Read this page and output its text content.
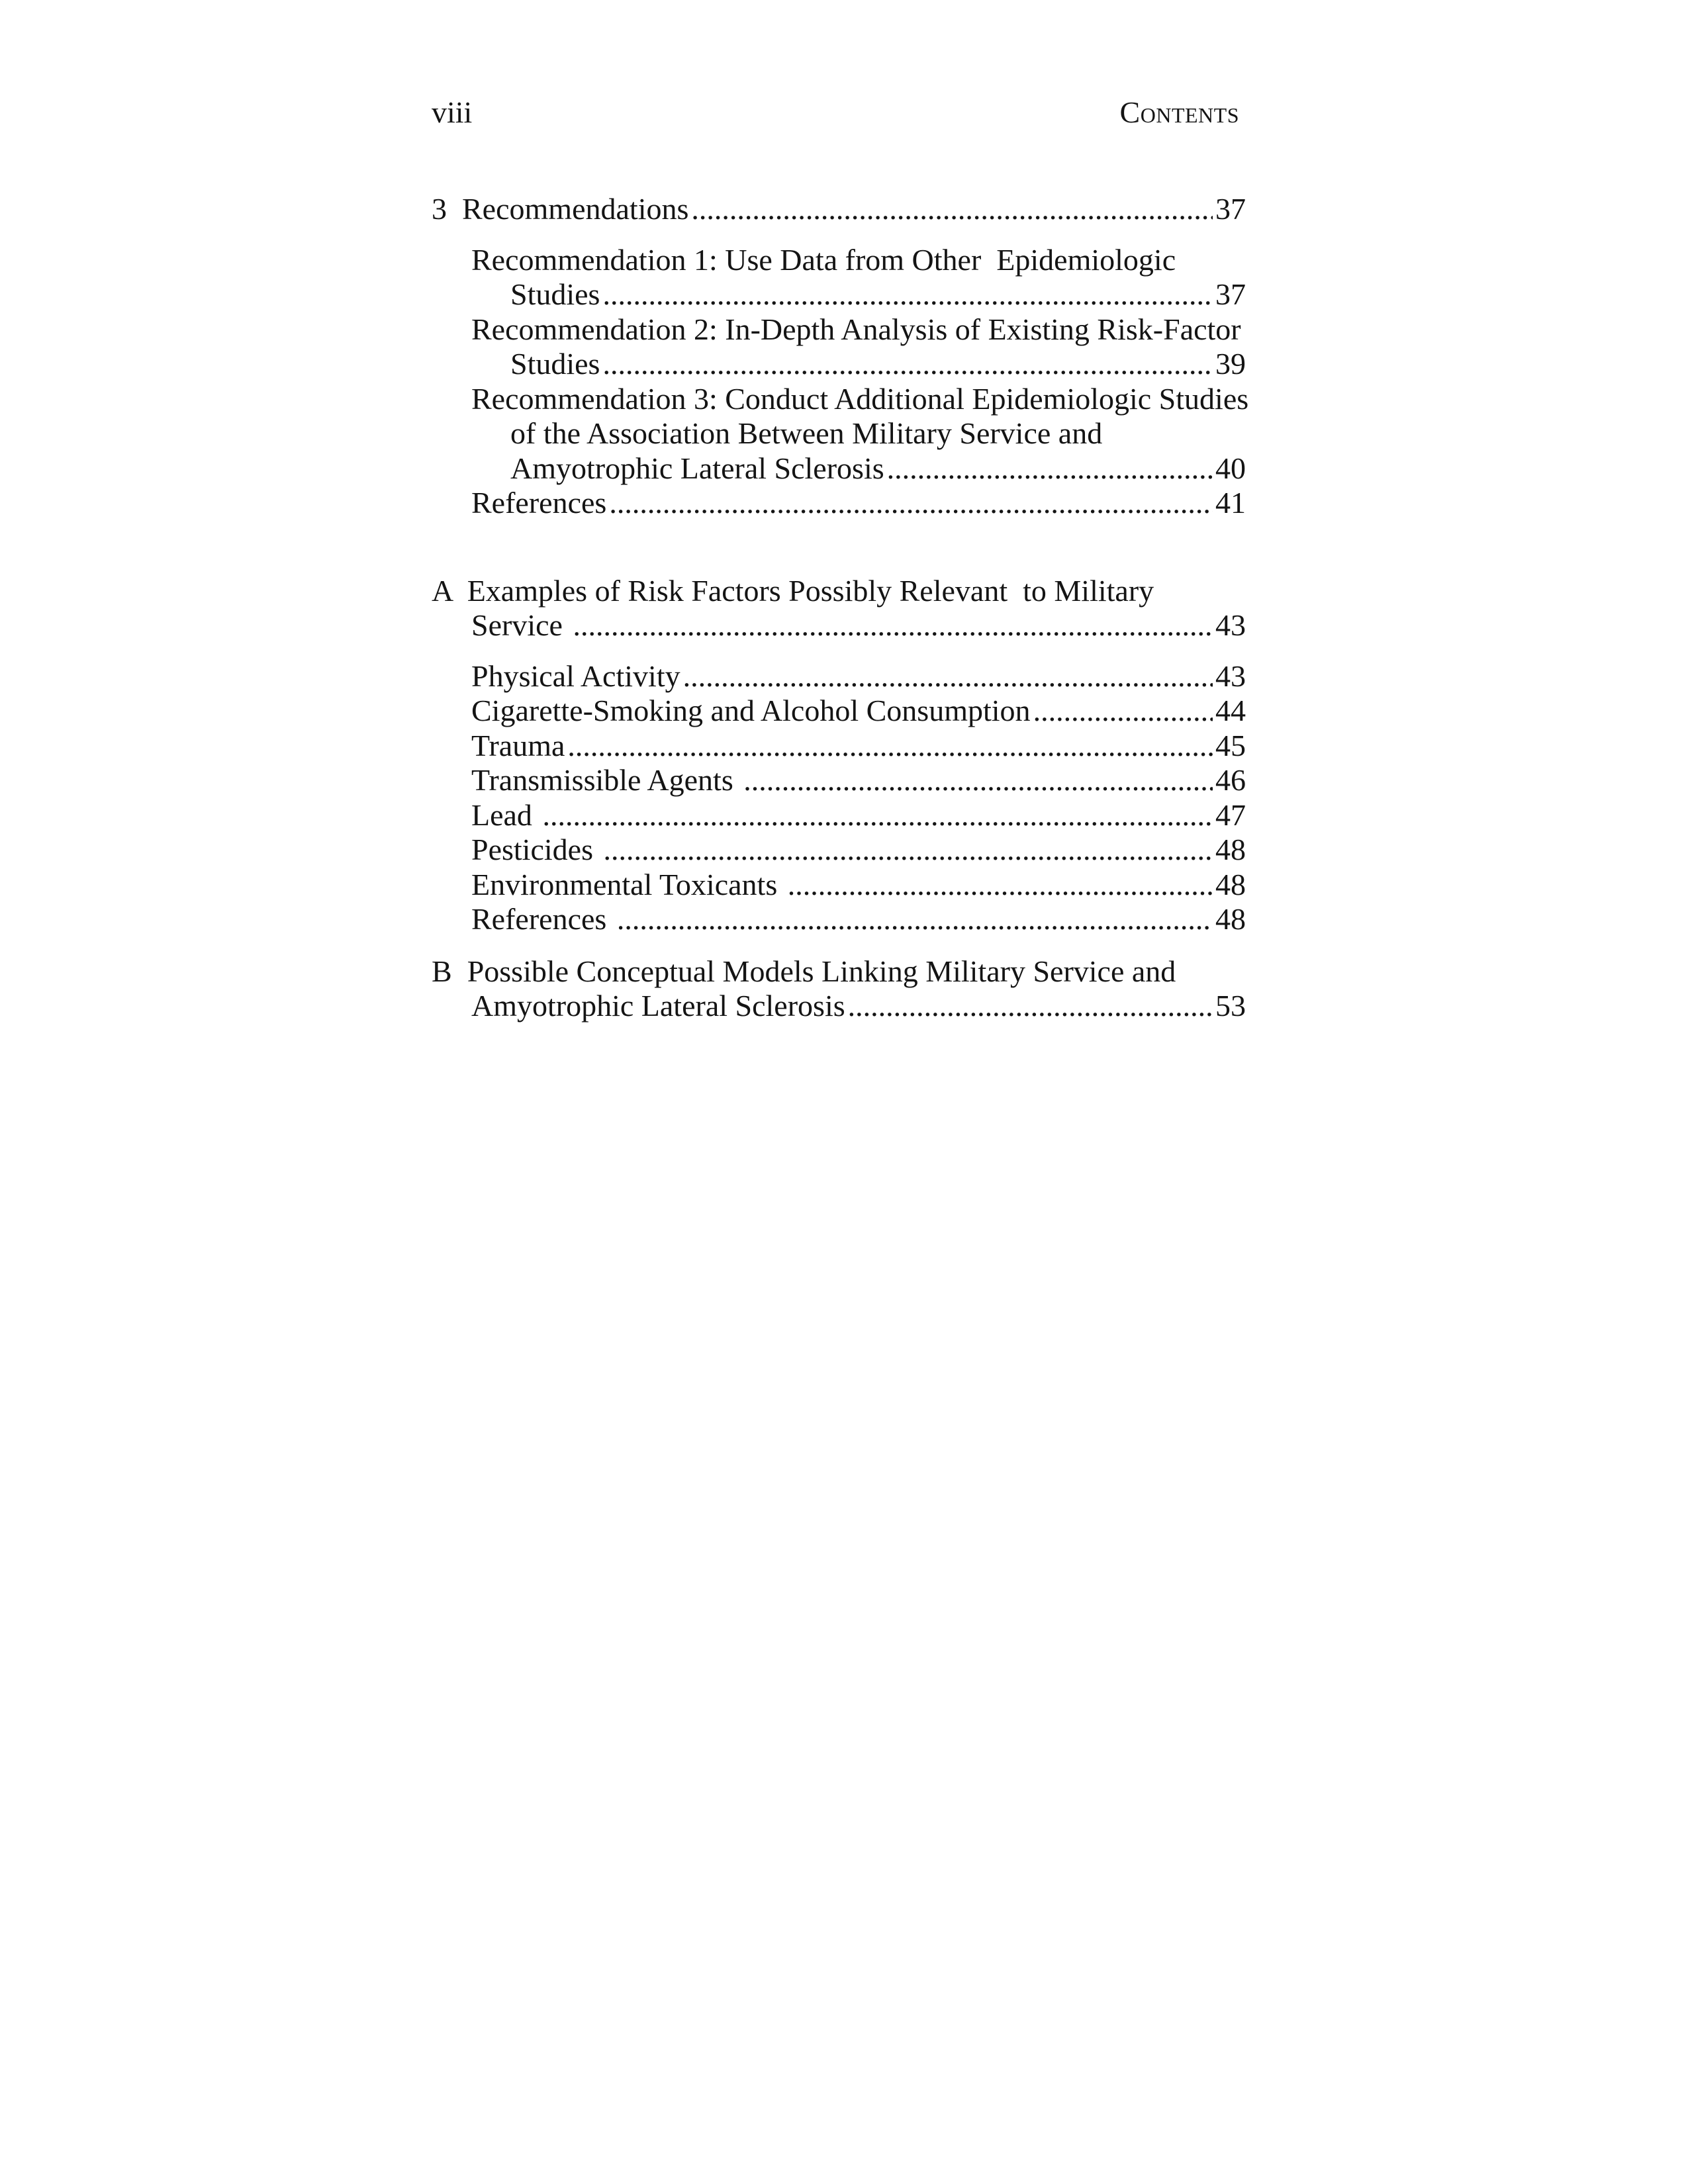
viii	Contents
3
Recommendations .....	37
Recommendation 1: Use Data from Other  Epidemiologic
Studies .....	37
Recommendation 2: In-Depth Analysis of Existing Risk-Factor
Studies .....	39
Recommendation 3: Conduct Additional Epidemiologic Studies
of the Association Between Military Service and
Amyotrophic Lateral Sclerosis .....	40
References .....	41
A Examples of Risk Factors Possibly Relevant  to Military
Service .....	43
Physical Activity .....	43
Cigarette-Smoking and Alcohol Consumption .....	44
Trauma .....	45
Transmissible Agents .....	46
Lead .....	47
Pesticides .....	48
Environmental Toxicants .....	48
References .....	48
B Possible Conceptual Models Linking Military Service and
Amyotrophic Lateral Sclerosis .....	53
